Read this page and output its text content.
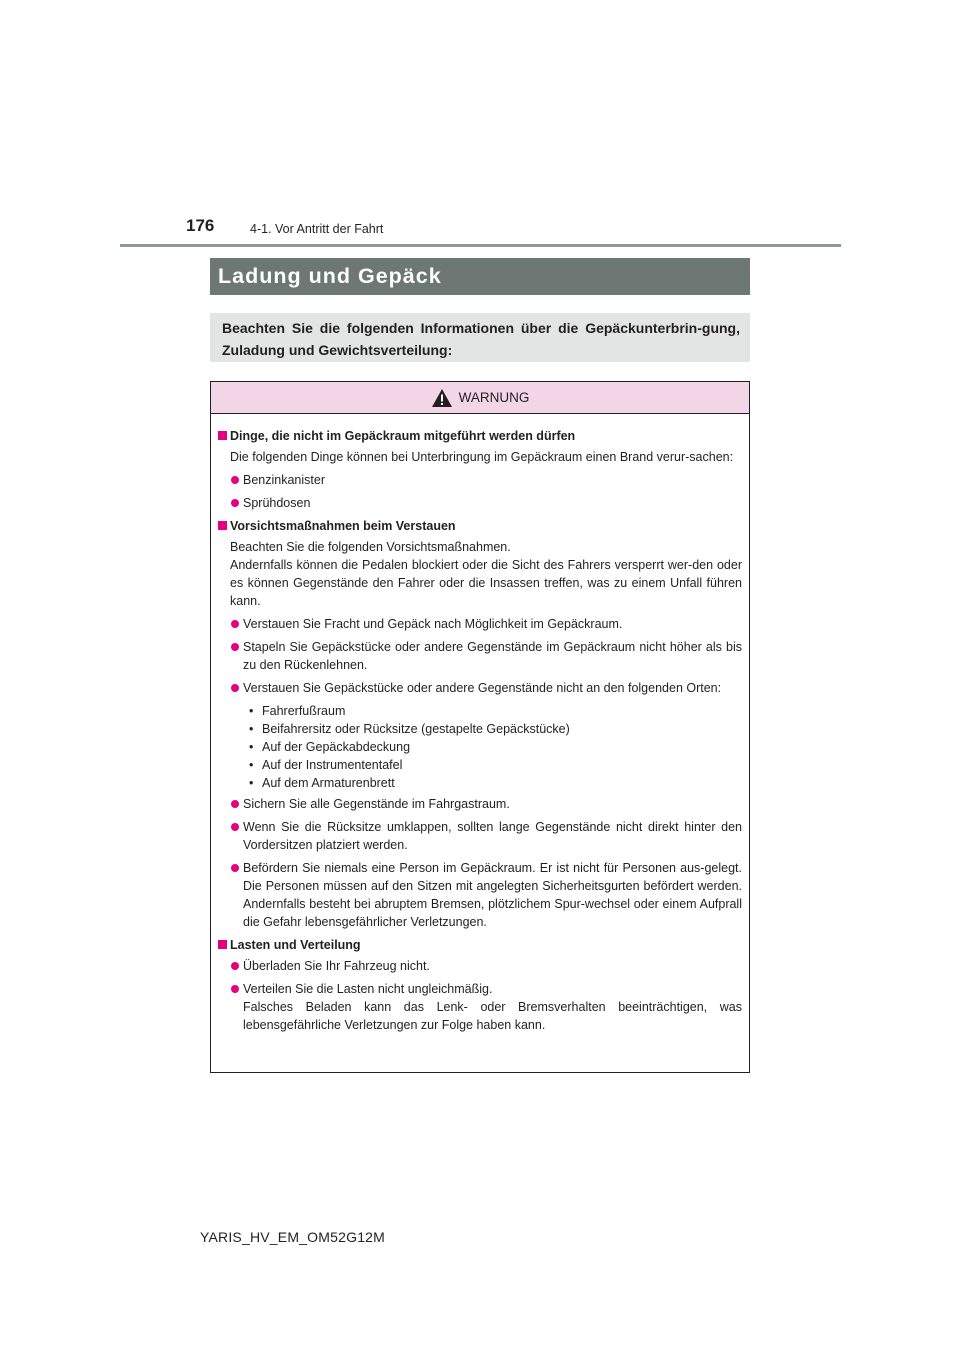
176	4-1. Vor Antritt der Fahrt
Ladung und Gepäck
Beachten Sie die folgenden Informationen über die Gepäckunterbrin-gung, Zuladung und Gewichtsverteilung:
WARNUNG
Dinge, die nicht im Gepäckraum mitgeführt werden dürfen
Die folgenden Dinge können bei Unterbringung im Gepäckraum einen Brand verur-sachen:
Benzinkanister
Sprühdosen
Vorsichtsmaßnahmen beim Verstauen
Beachten Sie die folgenden Vorsichtsmaßnahmen.
Andernfalls können die Pedalen blockiert oder die Sicht des Fahrers versperrt wer-den oder es können Gegenstände den Fahrer oder die Insassen treffen, was zu einem Unfall führen kann.
Verstauen Sie Fracht und Gepäck nach Möglichkeit im Gepäckraum.
Stapeln Sie Gepäckstücke oder andere Gegenstände im Gepäckraum nicht höher als bis zu den Rückenlehnen.
Verstauen Sie Gepäckstücke oder andere Gegenstände nicht an den folgenden Orten:
• Fahrerfußraum
• Beifahrersitz oder Rücksitze (gestapelte Gepäckstücke)
• Auf der Gepäckabdeckung
• Auf der Instrumententafel
• Auf dem Armaturenbrett
Sichern Sie alle Gegenstände im Fahrgastraum.
Wenn Sie die Rücksitze umklappen, sollten lange Gegenstände nicht direkt hinter den Vordersitzen platziert werden.
Befördern Sie niemals eine Person im Gepäckraum. Er ist nicht für Personen aus-gelegt. Die Personen müssen auf den Sitzen mit angelegten Sicherheitsgurten befördert werden. Andernfalls besteht bei abruptem Bremsen, plötzlichem Spur-wechsel oder einem Aufprall die Gefahr lebensgefährlicher Verletzungen.
Lasten und Verteilung
Überladen Sie Ihr Fahrzeug nicht.
Verteilen Sie die Lasten nicht ungleichmäßig.
Falsches Beladen kann das Lenk- oder Bremsverhalten beeinträchtigen, was lebensgefährliche Verletzungen zur Folge haben kann.
YARIS_HV_EM_OM52G12M
